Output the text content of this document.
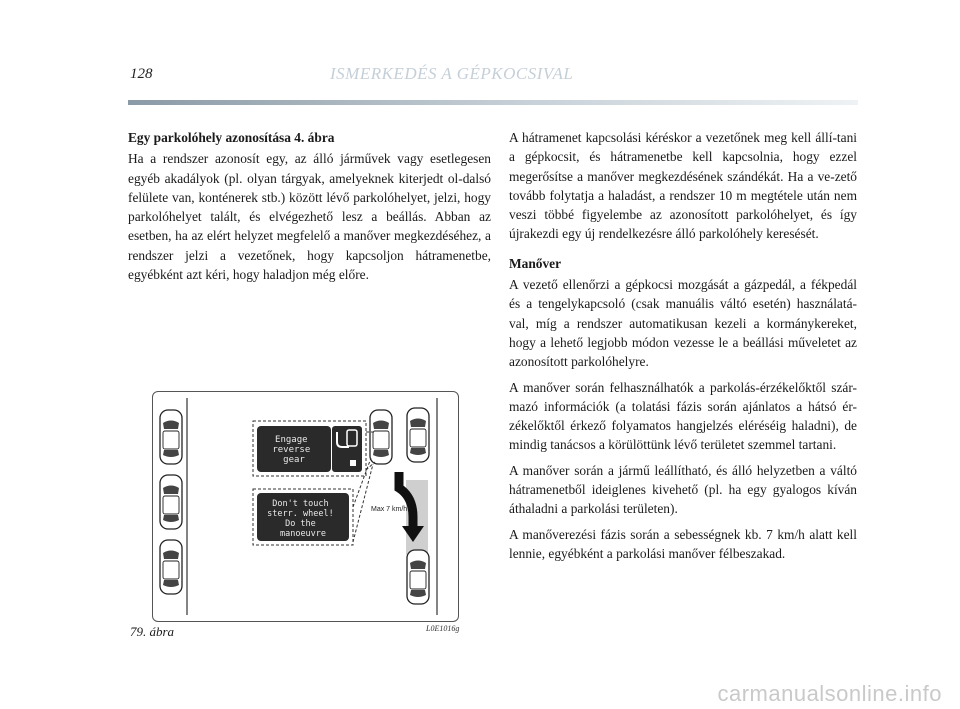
128	ISMERKEDÉS A GÉPKOCSIVAL
Egy parkolóhely azonosítása 4. ábra

Ha a rendszer azonosít egy, az álló járművek vagy esetlegesen egyéb akadályok (pl. olyan tárgyak, amelyeknek kiterjedt ol-dalsó felülete van, konténerek stb.) között lévő parkolóhelyet, jelzi, hogy parkolóhelyet talált, és elvégezhető lesz a beállás. Abban az esetben, ha az elért helyzet megfelelő a manőver megkezdéséhez, a rendszer jelzi a vezetőnek, hogy kapcsoljon hátramenetbe, egyébként azt kéri, hogy haladjon még előre.

A hátramenet kapcsolási kéréskor a vezetőnek meg kell állí-tani a gépkocsit, és hátramenetbe kell kapcsolnia, hogy ezzel megerősítse a manőver megkezdésének szándékát. Ha a ve-zető tovább folytatja a haladást, a rendszer 10 m megtétele után nem veszi többé figyelembe az azonosított parkolóhelyet, és így újrakezdi egy új rendelkezésre álló parkolóhely keresését.

Manőver

A vezető ellenőrzi a gépkocsi mozgását a gázpedál, a fékpedál és a tengelykapcsoló (csak manuális váltó esetén) használatá-val, míg a rendszer automatikusan kezeli a kormánykereket, hogy a lehető legjobb módon vezesse le a beállási műveletet az azonosított parkolóhelyre.

A manőver során felhasználhatók a parkolás-érzékelőktől szár-mazó információk (a tolatási fázis során ajánlatos a hátsó ér-zékelőktől érkező folyamatos hangjelzés eléréséig haladni), de mindig tanácsos a körülöttünk lévő területet szemmel tartani.

A manőver során a jármű leállítható, és álló helyzetben a váltó hátramenetből ideiglenes kivehető (pl. ha egy gyalogos kíván áthaladni a parkolási területen).

A manőverezési fázis során a sebességnek kb. 7 km/h alatt kell lennie, egyébként a parkolási manőver félbeszakad.

Max 7 km/h
Engage reverse gear
Don't touch sterr. wheel! Do the manoeuvre
79. ábra	L0E1016g
carmanualsonline.info
